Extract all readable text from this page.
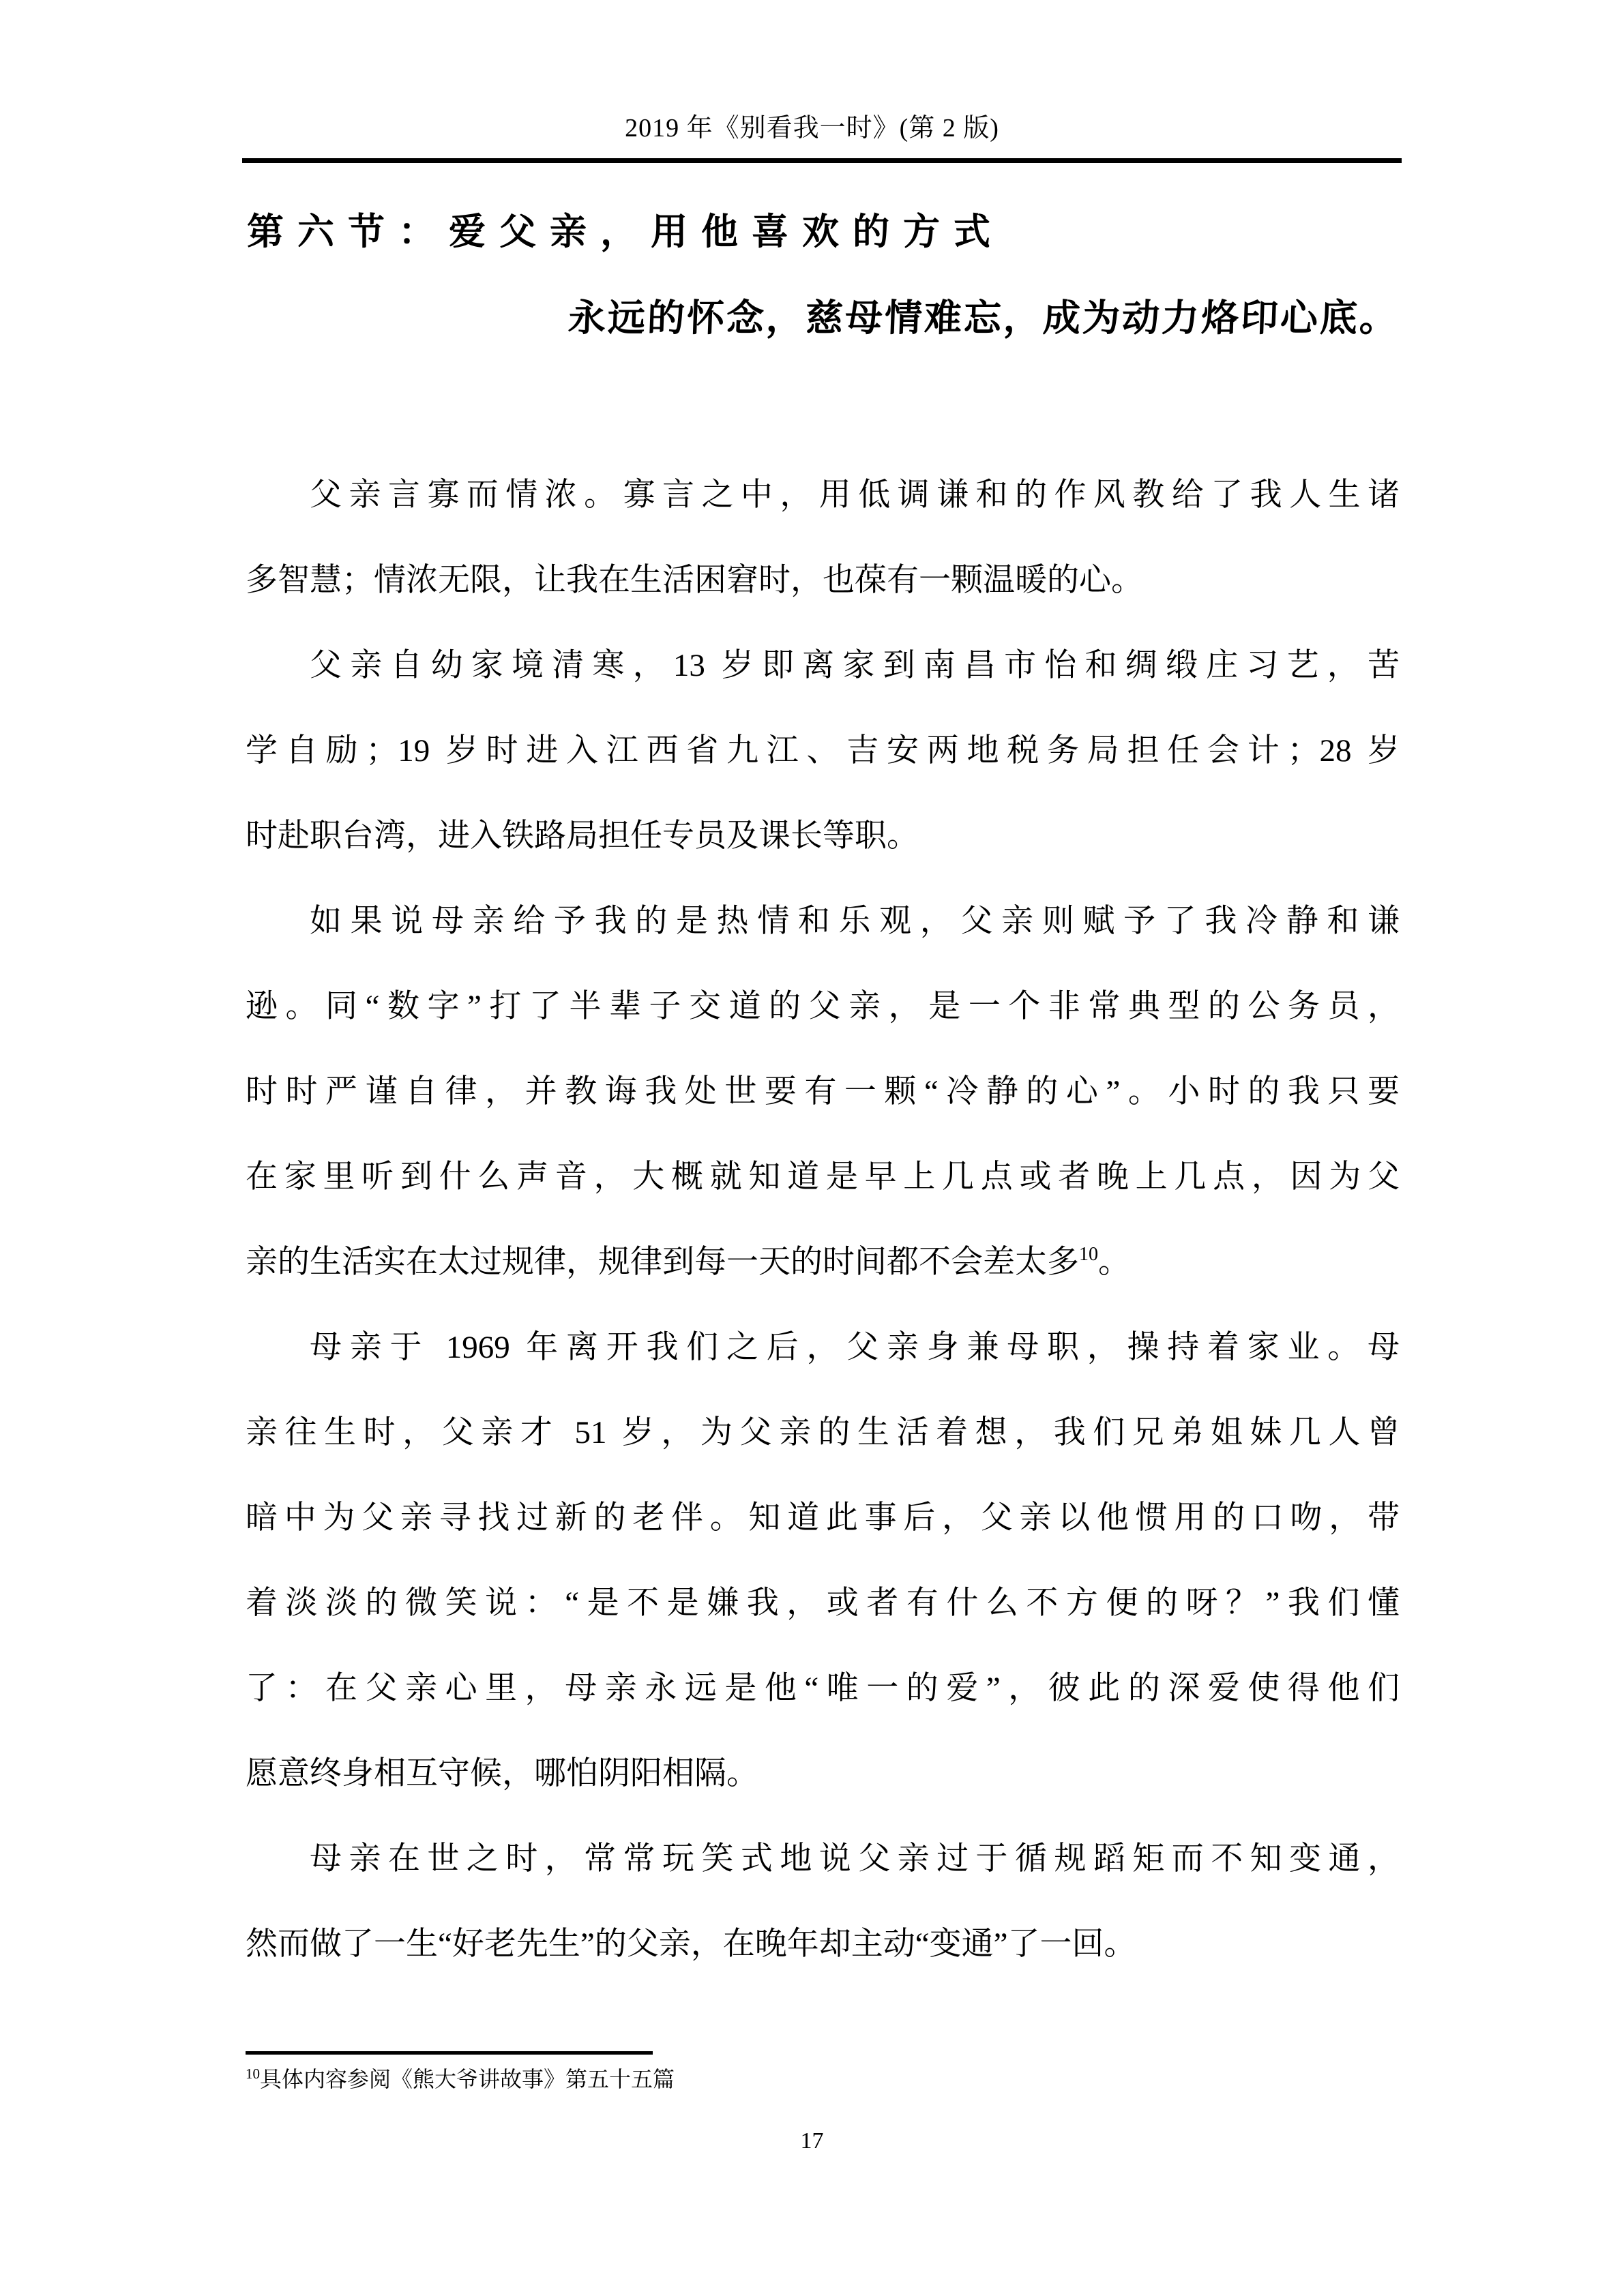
2019 年《别看我一时》(第 2 版)
第六节：爱父亲，用他喜欢的方式
永远的怀念，慈母情难忘，成为动力烙印心底。
父亲言寡而情浓。寡言之中，用低调谦和的作风教给了我人生诸
多智慧；情浓无限，让我在生活困窘时，也葆有一颗温暖的心。
父亲自幼家境清寒，13 岁即离家到南昌市怡和绸缎庄习艺，苦
学自励；19 岁时进入江西省九江、吉安两地税务局担任会计；28 岁
时赴职台湾，进入铁路局担任专员及课长等职。
如果说母亲给予我的是热情和乐观，父亲则赋予了我冷静和谦
逊。同“数字”打了半辈子交道的父亲，是一个非常典型的公务员，
时时严谨自律，并教诲我处世要有一颗“冷静的心”。小时的我只要
在家里听到什么声音，大概就知道是早上几点或者晚上几点，因为父
亲的生活实在太过规律，规律到每一天的时间都不会差太多$^{10}$。
母亲于 1969 年离开我们之后，父亲身兼母职，操持着家业。母
亲往生时，父亲才 51 岁，为父亲的生活着想，我们兄弟姐妹几人曾
暗中为父亲寻找过新的老伴。知道此事后，父亲以他惯用的口吻，带
着淡淡的微笑说：“是不是嫌我，或者有什么不方便的呀？”我们懂
了：在父亲心里，母亲永远是他“唯一的爱”，彼此的深爱使得他们
愿意终身相互守候，哪怕阴阳相隔。
母亲在世之时，常常玩笑式地说父亲过于循规蹈矩而不知变通，
然而做了一生“好老先生”的父亲，在晚年却主动“变通”了一回。
$^{10}$具体内容参阅《熊大爷讲故事》第五十五篇
17
